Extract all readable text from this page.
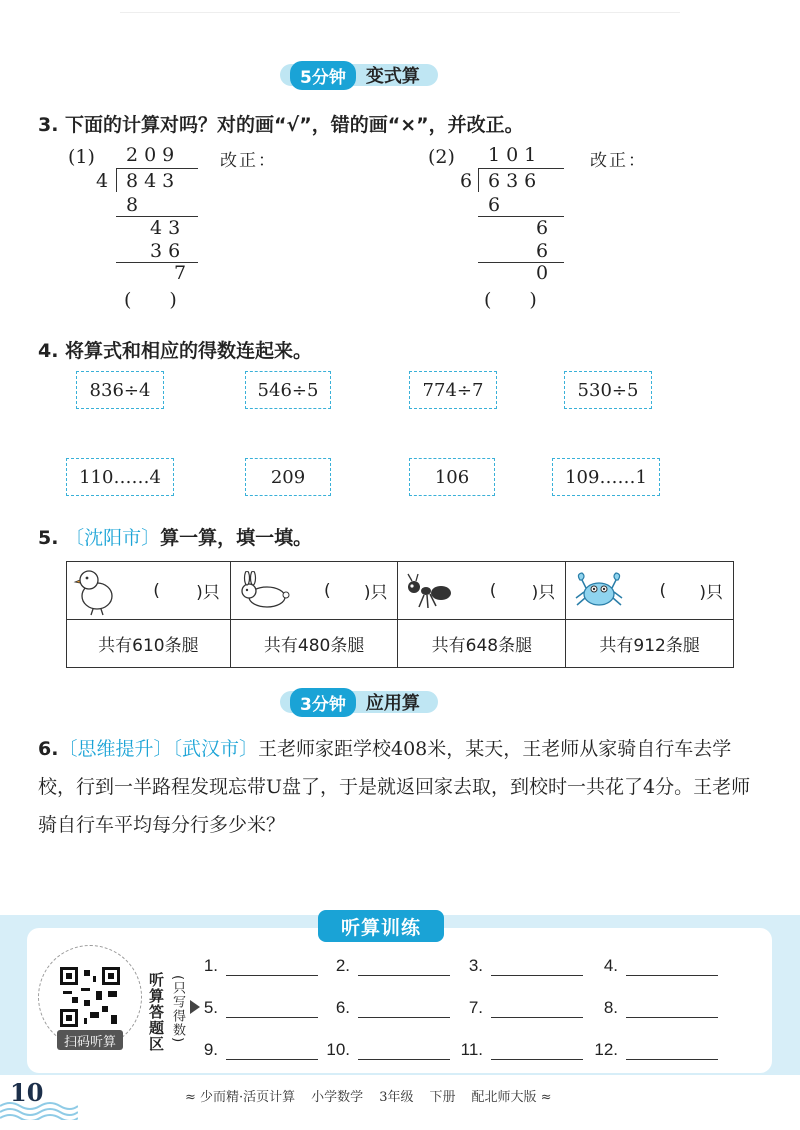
5分钟	变式算
3. 下面的计算对吗？对的画“√”，错的画“×”，并改正。
(1) 209
4 843
8
43
36
7
(　　)
改正：	(2) 101
6 636
6
6
6
0
(　　)
改正：
4. 将算式和相应的得数连起来。
836÷4	546÷5	774÷7	530÷5
110……4	209	106	109……1
5. 〔沈阳市〕算一算，填一填。
( )只	( )只	( )只	( )只

共有610条腿	共有480条腿	共有648条腿	共有912条腿
3分钟	应用算
6.〔思维提升〕〔武汉市〕王老师家距学校408米，某天，王老师从家骑自行车去学校，行到一半路程发现忘带U盘了，于是就返回家去取，到校时一共花了4分。王老师骑自行车平均每分行多少米？
听算训练
扫码听算	听算答题区 (只写得数)
1.	2.	3.	4.
5.	6.	7.	8.
9.	10.	11.	12.
10	≈ 少而精·活页计算 小学数学 3年级 下册 配北师大版 ≈
